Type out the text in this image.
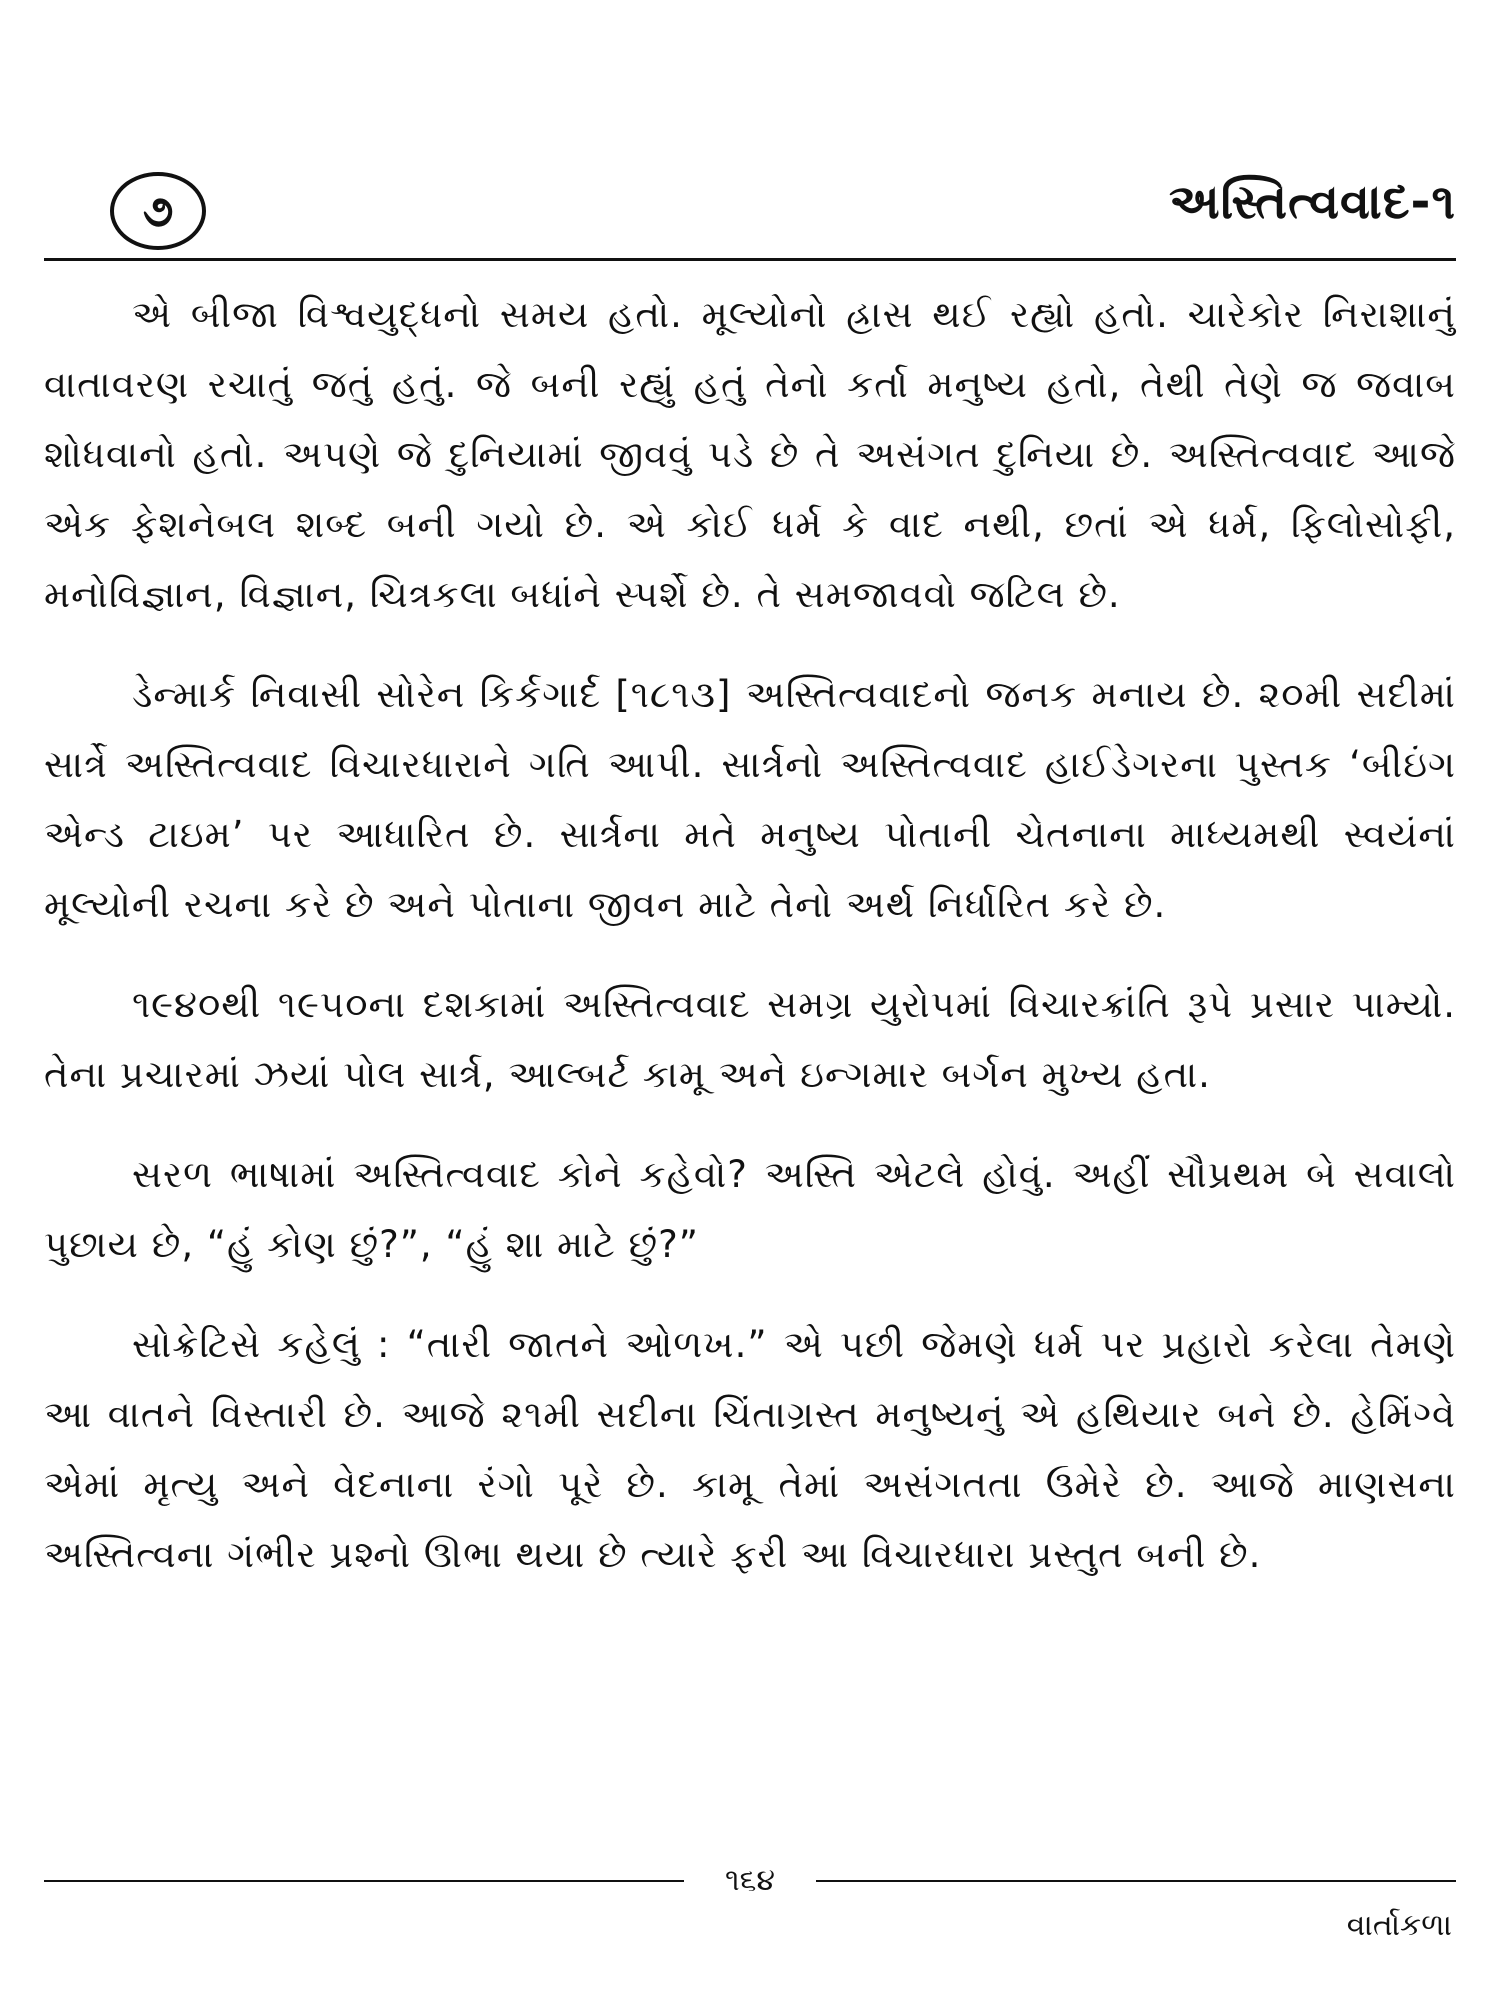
૭	અસ્તિત્વવાદ-૧

એ બીજા વિશ્વયુદ્ધનો સમય હતો. મૂલ્યોનો હ્રાસ થઈ રહ્યો હતો. ચારેકોર નિરાશાનું વાતાવરણ રચાતું જતું હતું. જે બની રહ્યું હતું તેનો કર્તા મનુષ્ય હતો, તેથી તેણે જ જવાબ શોધવાનો હતો. અપણે જે દુનિયામાં જીવવું પડે છે તે અસંગત દુનિયા છે. અસ્તિત્વવાદ આજે એક ફેશનેબલ શબ્દ બની ગયો છે. એ કોઈ ધર્મ કે વાદ નથી, છતાં એ ધર્મ, ફિલોસોફી, મનોવિજ્ઞાન, વિજ્ઞાન, ચિત્રકલા બધાંને સ્પર્શે છે. તે સમજાવવો જટિલ છે.

ડેન્માર્ક નિવાસી સોરેન કિર્કગાર્દ [૧૮૧૩] અસ્તિત્વવાદનો જનક મનાય છે. ૨૦મી સદીમાં સાર્ત્રે અસ્તિત્વવાદ વિચારધારાને ગતિ આપી. સાર્ત્રનો અસ્તિત્વવાદ હાઈડેગરના પુસ્તક ‘બીઇંગ એન્ડ ટાઇમ’ પર આધારિત છે. સાર્ત્રના મતે મનુષ્ય પોતાની ચેતનાના માધ્યમથી સ્વયંનાં મૂલ્યોની રચના કરે છે અને પોતાના જીવન માટે તેનો અર્થ નિર્ધારિત કરે છે.

૧૯૪૦થી ૧૯૫૦ના દશકામાં અસ્તિત્વવાદ સમગ્ર યુરોપમાં વિચારક્રાંતિ રૂપે પ્રસાર પામ્યો. તેના પ્રચારમાં ઝયાં પોલ સાર્ત્ર, આલ્બર્ટ કામૂ અને ઇન્ગમાર બર્ગન મુખ્ય હતા.

સરળ ભાષામાં અસ્તિત્વવાદ કોને કહેવો? અસ્તિ એટલે હોવું. અહીં સૌપ્રથમ બે સવાલો પુછાય છે, “હું કોણ છું?”, “હું શા માટે છું?”

સોક્રેટિસે કહેલું : “તારી જાતને ઓળખ.” એ પછી જેમણે ધર્મ પર પ્રહારો કરેલા તેમણે આ વાતને વિસ્તારી છે. આજે ૨૧મી સદીના ચિંતાગ્રસ્ત મનુષ્યનું એ હથિયાર બને છે. હેમિંગ્વે એમાં મૃત્યુ અને વેદનાના રંગો પૂરે છે. કામૂ તેમાં અસંગતતા ઉમેરે છે. આજે માણસના અસ્તિત્વના ગંભીર પ્રશ્નો ઊભા થયા છે ત્યારે ફરી આ વિચારધારા પ્રસ્તુત બની છે.

૧૬૪
વાર્તાકળા
